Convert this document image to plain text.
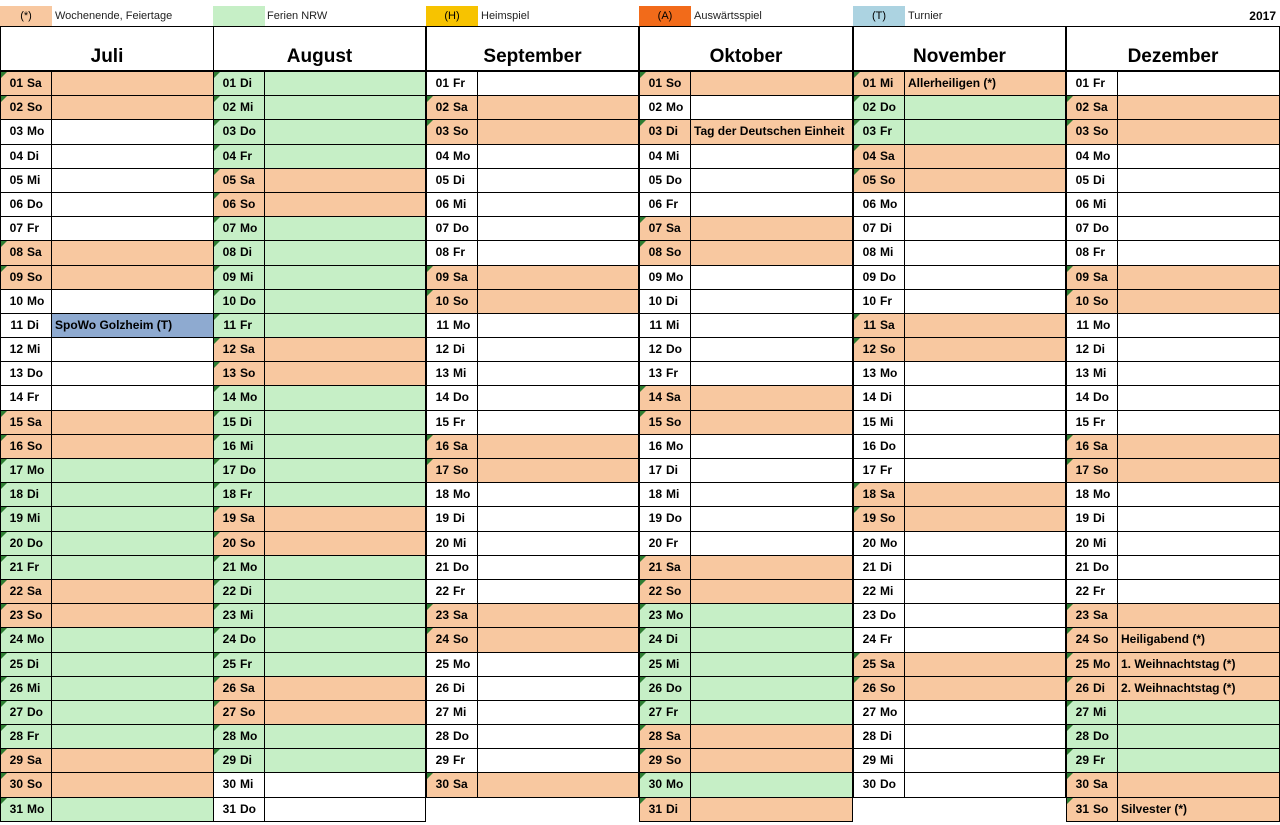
(*)	Wochenende, Feiertage	Ferien NRW	(H)	Heimspiel	(A)	Auswärtsspiel	(T)	Turnier	2017
Juli
01 Sa
02 So
03 Mo
04 Di
05 Mi
06 Do
07 Fr
08 Sa
09 So
10 Mo
11 Di	SpoWo Golzheim (T)
12 Mi
13 Do
14 Fr
15 Sa
16 So
17 Mo
18 Di
19 Mi
20 Do
21 Fr
22 Sa
23 So
24 Mo
25 Di
26 Mi
27 Do
28 Fr
29 Sa
30 So
31 Mo
August
01 Di
02 Mi
03 Do
04 Fr
05 Sa
06 So
07 Mo
08 Di
09 Mi
10 Do
11 Fr
12 Sa
13 So
14 Mo
15 Di
16 Mi
17 Do
18 Fr
19 Sa
20 So
21 Mo
22 Di
23 Mi
24 Do
25 Fr
26 Sa
27 So
28 Mo
29 Di
30 Mi
31 Do
September
01 Fr
02 Sa
03 So
04 Mo
05 Di
06 Mi
07 Do
08 Fr
09 Sa
10 So
11 Mo
12 Di
13 Mi
14 Do
15 Fr
16 Sa
17 So
18 Mo
19 Di
20 Mi
21 Do
22 Fr
23 Sa
24 So
25 Mo
26 Di
27 Mi
28 Do
29 Fr
30 Sa
Oktober
01 So
02 Mo
03 Di	Tag der Deutschen Einheit
04 Mi
05 Do
06 Fr
07 Sa
08 So
09 Mo
10 Di
11 Mi
12 Do
13 Fr
14 Sa
15 So
16 Mo
17 Di
18 Mi
19 Do
20 Fr
21 Sa
22 So
23 Mo
24 Di
25 Mi
26 Do
27 Fr
28 Sa
29 So
30 Mo
31 Di
November
01 Mi	Allerheiligen (*)
02 Do
03 Fr
04 Sa
05 So
06 Mo
07 Di
08 Mi
09 Do
10 Fr
11 Sa
12 So
13 Mo
14 Di
15 Mi
16 Do
17 Fr
18 Sa
19 So
20 Mo
21 Di
22 Mi
23 Do
24 Fr
25 Sa
26 So
27 Mo
28 Di
29 Mi
30 Do
Dezember
01 Fr
02 Sa
03 So
04 Mo
05 Di
06 Mi
07 Do
08 Fr
09 Sa
10 So
11 Mo
12 Di
13 Mi
14 Do
15 Fr
16 Sa
17 So
18 Mo
19 Di
20 Mi
21 Do
22 Fr
23 Sa
24 So	Heiligabend (*)
25 Mo 1. Weihnachtstag (*)
26 Di	2. Weihnachtstag (*)
27 Mi
28 Do
29 Fr
30 Sa
31 So	Silvester (*)
